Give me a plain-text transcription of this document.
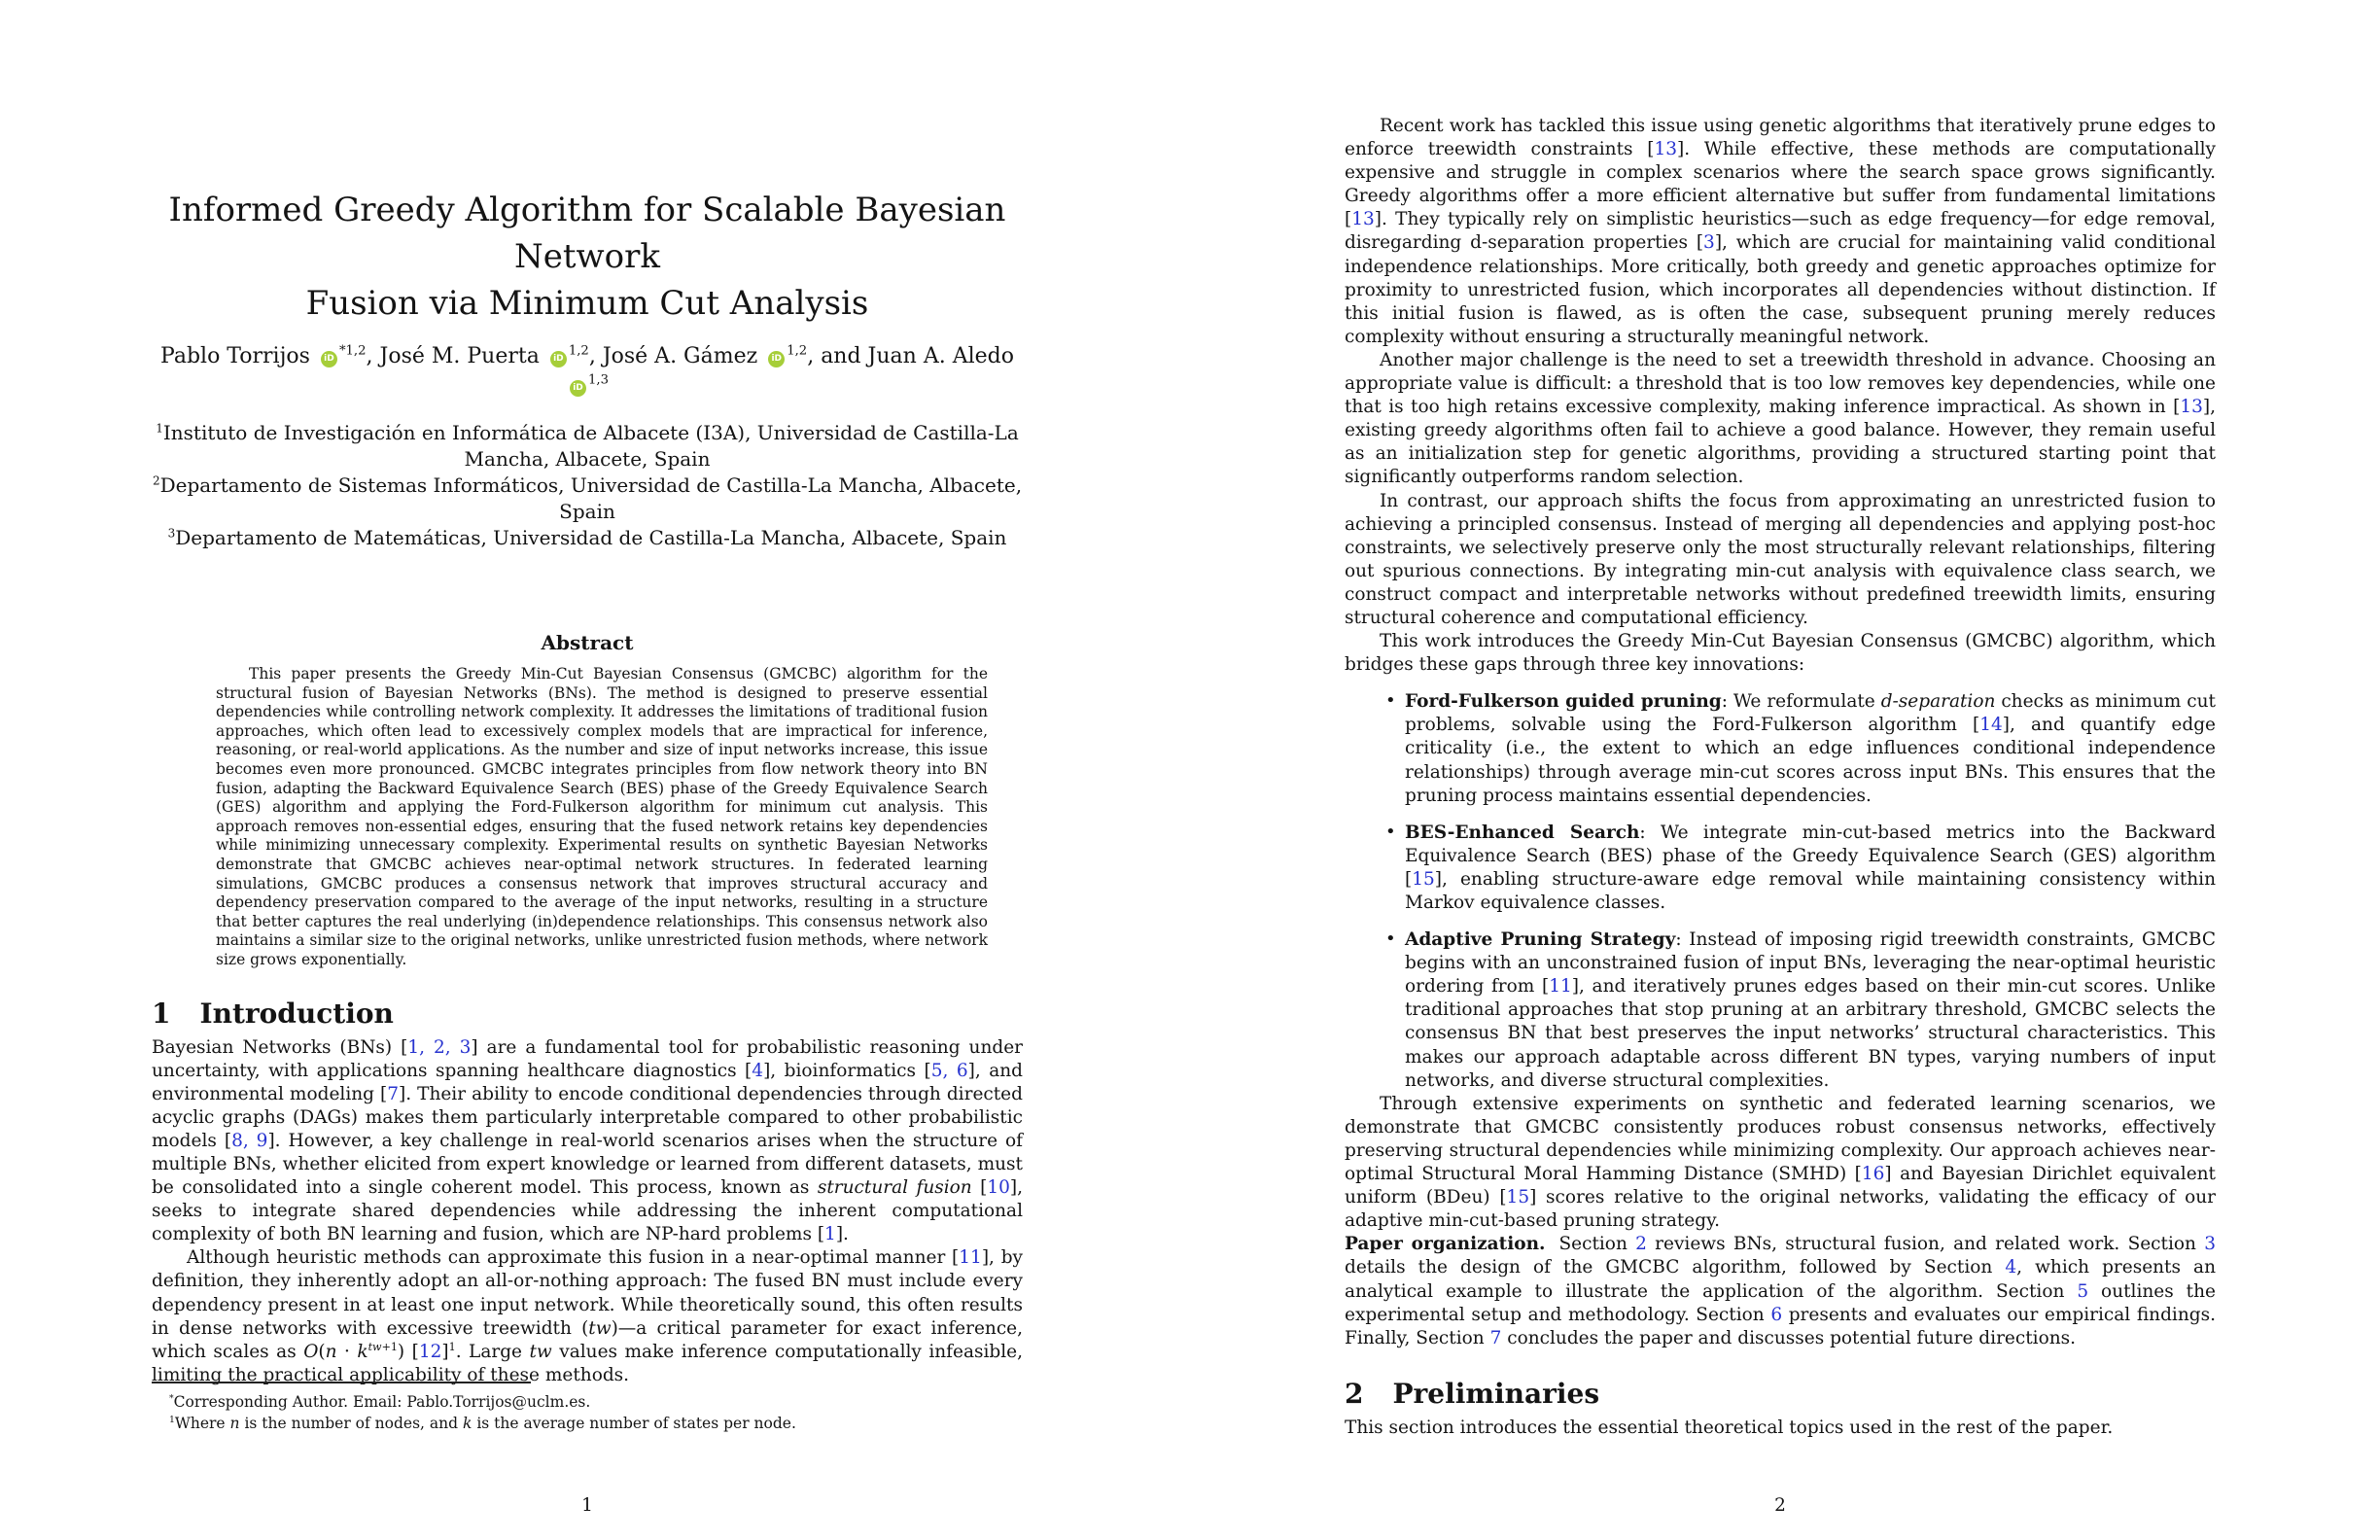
Informed Greedy Algorithm for Scalable Bayesian Network
Fusion via Minimum Cut Analysis
Pablo Torrijos iD$^{*1,2}$, José M. Puerta iD$^{1,2}$, José A. Gámez iD$^{1,2}$, and Juan A. Aledo iD$^{1,3}$
$^1$Instituto de Investigación en Informática de Albacete (I3A), Universidad de Castilla-La Mancha, Albacete, Spain
$^2$Departamento de Sistemas Informáticos, Universidad de Castilla-La Mancha, Albacete, Spain
$^3$Departamento de Matemáticas, Universidad de Castilla-La Mancha, Albacete, Spain
Abstract

This paper presents the Greedy Min-Cut Bayesian Consensus (GMCBC) algorithm for the structural fusion of Bayesian Networks (BNs). The method is designed to preserve essential dependencies while controlling network complexity. It addresses the limitations of traditional fusion approaches, which often lead to excessively complex models that are impractical for inference, reasoning, or real-world applications. As the number and size of input networks increase, this issue becomes even more pronounced. GMCBC integrates principles from flow network theory into BN fusion, adapting the Backward Equivalence Search (BES) phase of the Greedy Equivalence Search (GES) algorithm and applying the Ford-Fulkerson algorithm for minimum cut analysis. This approach removes non-essential edges, ensuring that the fused network retains key dependencies while minimizing unnecessary complexity. Experimental results on synthetic Bayesian Networks demonstrate that GMCBC achieves near-optimal network structures. In federated learning simulations, GMCBC produces a consensus network that improves structural accuracy and dependency preservation compared to the average of the input networks, resulting in a structure that better captures the real underlying (in)dependence relationships. This consensus network also maintains a similar size to the original networks, unlike unrestricted fusion methods, where network size grows exponentially.

1 Introduction

Bayesian Networks (BNs) [1, 2, 3] are a fundamental tool for probabilistic reasoning under uncertainty, with applications spanning healthcare diagnostics [4], bioinformatics [5, 6], and environmental modeling [7]. Their ability to encode conditional dependencies through directed acyclic graphs (DAGs) makes them particularly interpretable compared to other probabilistic models [8, 9]. However, a key challenge in real-world scenarios arises when the structure of multiple BNs, whether elicited from expert knowledge or learned from different datasets, must be consolidated into a single coherent model. This process, known as structural fusion [10], seeks to integrate shared dependencies while addressing the inherent computational complexity of both BN learning and fusion, which are NP-hard problems [1].

Although heuristic methods can approximate this fusion in a near-optimal manner [11], by definition, they inherently adopt an all-or-nothing approach: The fused BN must include every dependency present in at least one input network. While theoretically sound, this often results in dense networks with excessive treewidth (tw)—a critical parameter for exact inference, which scales as $O(n \cdot k^{tw+1})$ $[12]^1$. Large tw values make inference computationally infeasible, limiting the practical applicability of these methods.

*Corresponding Author. Email: Pablo.Torrijos@uclm.es.

$^1$Where n is the number of nodes, and k is the average number of states per node.

1

Recent work has tackled this issue using genetic algorithms that iteratively prune edges to enforce treewidth constraints [13]. While effective, these methods are computationally expensive and struggle in complex scenarios where the search space grows significantly. Greedy algorithms offer a more efficient alternative but suffer from fundamental limitations [13]. They typically rely on simplistic heuristics—such as edge frequency—for edge removal, disregarding d-separation properties [3], which are crucial for maintaining valid conditional independence relationships. More critically, both greedy and genetic approaches optimize for proximity to unrestricted fusion, which incorporates all dependencies without distinction. If this initial fusion is flawed, as is often the case, subsequent pruning merely reduces complexity without ensuring a structurally meaningful network.

Another major challenge is the need to set a treewidth threshold in advance. Choosing an appropriate value is difficult: a threshold that is too low removes key dependencies, while one that is too high retains excessive complexity, making inference impractical. As shown in [13], existing greedy algorithms often fail to achieve a good balance. However, they remain useful as an initialization step for genetic algorithms, providing a structured starting point that significantly outperforms random selection.

In contrast, our approach shifts the focus from approximating an unrestricted fusion to achieving a principled consensus. Instead of merging all dependencies and applying post-hoc constraints, we selectively preserve only the most structurally relevant relationships, filtering out spurious connections. By integrating min-cut analysis with equivalence class search, we construct compact and interpretable networks without predefined treewidth limits, ensuring structural coherence and computational efficiency.

This work introduces the Greedy Min-Cut Bayesian Consensus (GMCBC) algorithm, which bridges these gaps through three key innovations:

• Ford-Fulkerson guided pruning: We reformulate d-separation checks as minimum cut problems, solvable using the Ford-Fulkerson algorithm [14], and quantify edge criticality (i.e., the extent to which an edge influences conditional independence relationships) through average min-cut scores across input BNs. This ensures that the pruning process maintains essential dependencies.
• BES-Enhanced Search: We integrate min-cut-based metrics into the Backward Equivalence Search (BES) phase of the Greedy Equivalence Search (GES) algorithm [15], enabling structure-aware edge removal while maintaining consistency within Markov equivalence classes.
• Adaptive Pruning Strategy: Instead of imposing rigid treewidth constraints, GMCBC begins with an unconstrained fusion of input BNs, leveraging the near-optimal heuristic ordering from [11], and iteratively prunes edges based on their min-cut scores. Unlike traditional approaches that stop pruning at an arbitrary threshold, GMCBC selects the consensus BN that best preserves the input networks’ structural characteristics. This makes our approach adaptable across different BN types, varying numbers of input networks, and diverse structural complexities.

Through extensive experiments on synthetic and federated learning scenarios, we demonstrate that GMCBC consistently produces robust consensus networks, effectively preserving structural dependencies while minimizing complexity. Our approach achieves near-optimal Structural Moral Hamming Distance (SMHD) [16] and Bayesian Dirichlet equivalent uniform (BDeu) [15] scores relative to the original networks, validating the efficacy of our adaptive min-cut-based pruning strategy.

Paper organization. Section 2 reviews BNs, structural fusion, and related work. Section 3 details the design of the GMCBC algorithm, followed by Section 4, which presents an analytical example to illustrate the application of the algorithm. Section 5 outlines the experimental setup and methodology. Section 6 presents and evaluates our empirical findings. Finally, Section 7 concludes the paper and discusses potential future directions.

2 Preliminaries

This section introduces the essential theoretical topics used in the rest of the paper.

2
